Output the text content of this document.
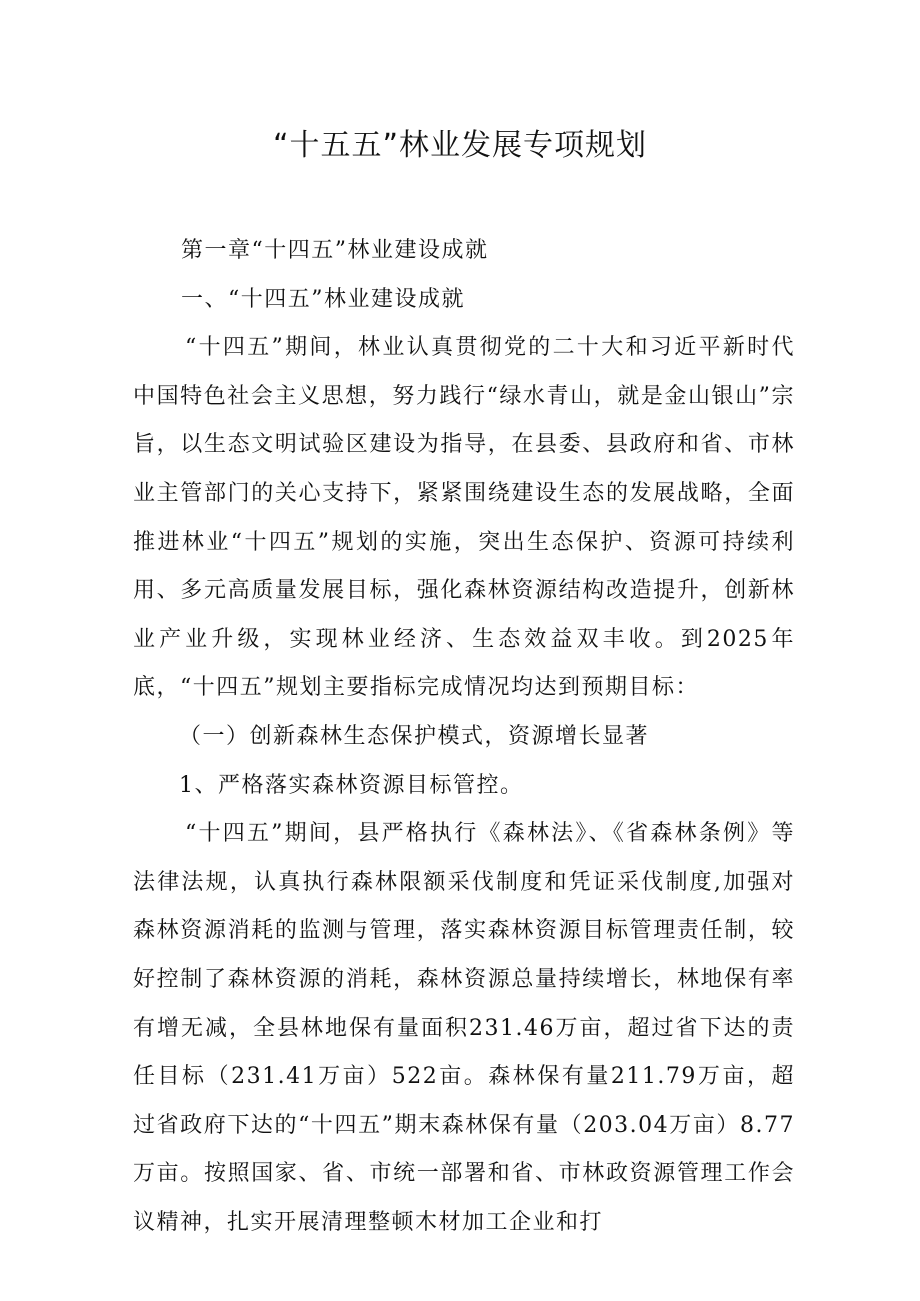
“十五五”林业发展专项规划

第一章“十四五”林业建设成就

一、“十四五”林业建设成就

“十四五”期间，林业认真贯彻党的二十大和习近平新时代中国特色社会主义思想，努力践行“绿水青山，就是金山银山”宗旨，以生态文明试验区建设为指导，在县委、县政府和省、市林业主管部门的关心支持下，紧紧围绕建设生态的发展战略，全面推进林业“十四五”规划的实施，突出生态保护、资源可持续利用、多元高质量发展目标，强化森林资源结构改造提升，创新林业产业升级，实现林业经济、生态效益双丰收。到2025年底，“十四五”规划主要指标完成情况均达到预期目标：

（一）创新森林生态保护模式，资源增长显著

1、严格落实森林资源目标管控。

“十四五”期间，县严格执行《森林法》、《省森林条例》等法律法规，认真执行森林限额采伐制度和凭证采伐制度,加强对森林资源消耗的监测与管理，落实森林资源目标管理责任制，较好控制了森林资源的消耗，森林资源总量持续增长，林地保有率有增无减，全县林地保有量面积231.46万亩，超过省下达的责任目标（231.41万亩）522亩。森林保有量211.79万亩，超过省政府下达的“十四五”期末森林保有量（203.04万亩）8.77万亩。按照国家、省、市统一部署和省、市林政资源管理工作会议精神，扎实开展清理整顿木材加工企业和打
